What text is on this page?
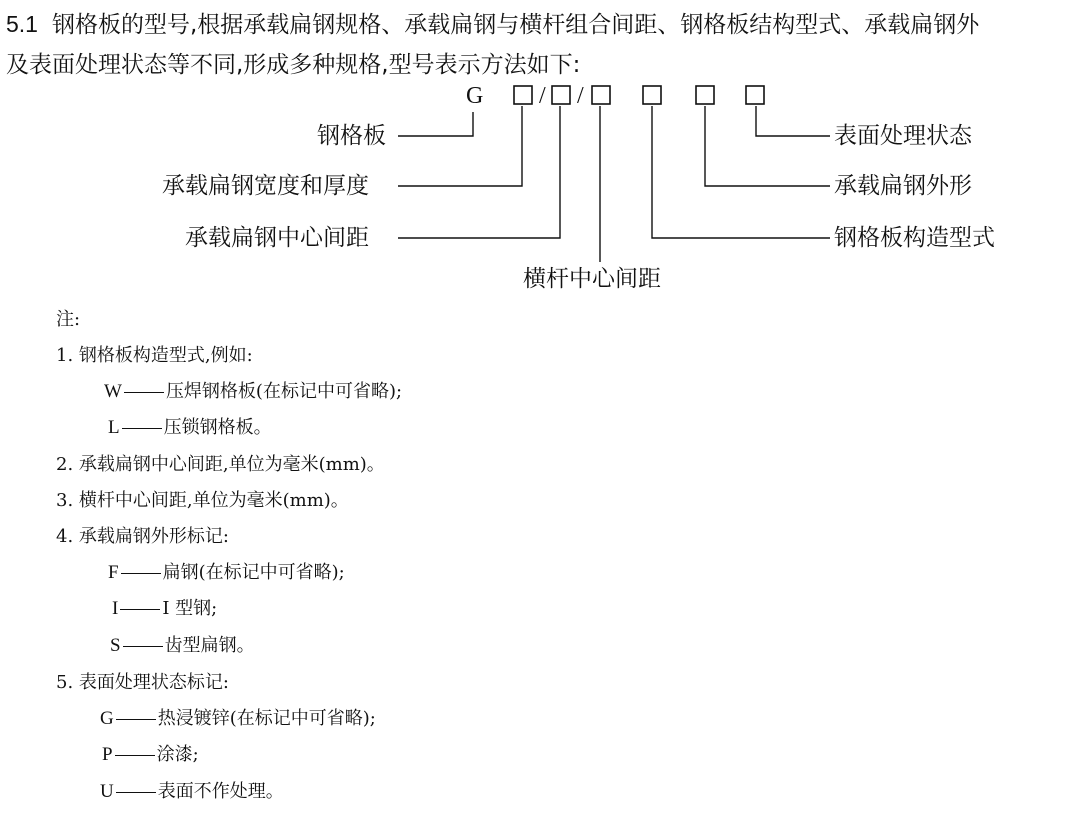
5.1 钢格板的型号,根据承载扁钢规格、承载扁钢与横杆组合间距、钢格板结构型式、承载扁钢外
及表面处理状态等不同,形成多种规格,型号表示方法如下:
G / /
钢格板
承载扁钢宽度和厚度
承载扁钢中心间距
横杆中心间距
表面处理状态
承载扁钢外形
钢格板构造型式
注:
1. 钢格板构造型式,例如:
W 压焊钢格板(在标记中可省略);
L 压锁钢格板。
2. 承载扁钢中心间距,单位为毫米(mm)。
3. 横杆中心间距,单位为毫米(mm)。
4. 承载扁钢外形标记:
F 扁钢(在标记中可省略);
I I 型钢;
S 齿型扁钢。
5. 表面处理状态标记:
G 热浸镀锌(在标记中可省略);
P 涂漆;
U 表面不作处理。
